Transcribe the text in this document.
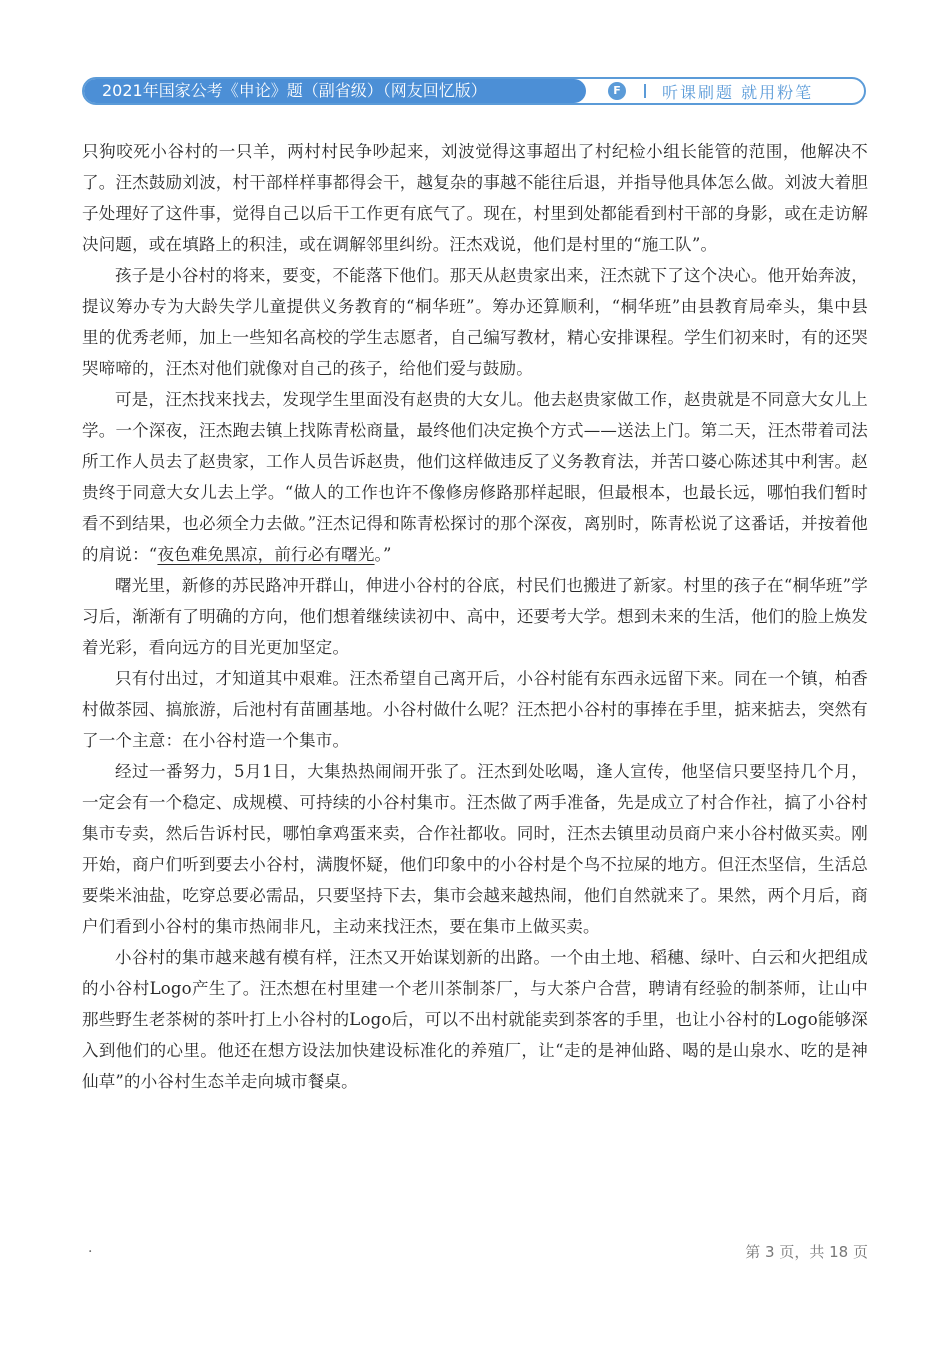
2021年国家公考《申论》题（副省级）（网友回忆版）	F	听课刷题 就用粉笔

只狗咬死小谷村的一只羊，两村村民争吵起来，刘波觉得这事超出了村纪检小组长能管的范围，他解决不了。汪杰鼓励刘波，村干部样样事都得会干，越复杂的事越不能往后退，并指导他具体怎么做。刘波大着胆子处理好了这件事，觉得自己以后干工作更有底气了。现在，村里到处都能看到村干部的身影，或在走访解决问题，或在填路上的积洼，或在调解邻里纠纷。汪杰戏说，他们是村里的“施工队”。

孩子是小谷村的将来，要变，不能落下他们。那天从赵贵家出来，汪杰就下了这个决心。他开始奔波，提议筹办专为大龄失学儿童提供义务教育的“桐华班”。筹办还算顺利，“桐华班”由县教育局牵头，集中县里的优秀老师，加上一些知名高校的学生志愿者，自己编写教材，精心安排课程。学生们初来时，有的还哭哭啼啼的，汪杰对他们就像对自己的孩子，给他们爱与鼓励。

可是，汪杰找来找去，发现学生里面没有赵贵的大女儿。他去赵贵家做工作，赵贵就是不同意大女儿上学。一个深夜，汪杰跑去镇上找陈青松商量，最终他们决定换个方式——送法上门。第二天，汪杰带着司法所工作人员去了赵贵家，工作人员告诉赵贵，他们这样做违反了义务教育法，并苦口婆心陈述其中利害。赵贵终于同意大女儿去上学。“做人的工作也许不像修房修路那样起眼，但最根本，也最长远，哪怕我们暂时看不到结果，也必须全力去做。”汪杰记得和陈青松探讨的那个深夜，离别时，陈青松说了这番话，并按着他的肩说：“夜色难免黑凉，前行必有曙光。”

曙光里，新修的苏民路冲开群山，伸进小谷村的谷底，村民们也搬进了新家。村里的孩子在“桐华班”学习后，渐渐有了明确的方向，他们想着继续读初中、高中，还要考大学。想到未来的生活，他们的脸上焕发着光彩，看向远方的目光更加坚定。

只有付出过，才知道其中艰难。汪杰希望自己离开后，小谷村能有东西永远留下来。同在一个镇，柏香村做茶园、搞旅游，后池村有苗圃基地。小谷村做什么呢？汪杰把小谷村的事捧在手里，掂来掂去，突然有了一个主意：在小谷村造一个集市。

经过一番努力，5月1日，大集热热闹闹开张了。汪杰到处吆喝，逢人宣传，他坚信只要坚持几个月，一定会有一个稳定、成规模、可持续的小谷村集市。汪杰做了两手准备，先是成立了村合作社，搞了小谷村集市专卖，然后告诉村民，哪怕拿鸡蛋来卖，合作社都收。同时，汪杰去镇里动员商户来小谷村做买卖。刚开始，商户们听到要去小谷村，满腹怀疑，他们印象中的小谷村是个鸟不拉屎的地方。但汪杰坚信，生活总要柴米油盐，吃穿总要必需品，只要坚持下去，集市会越来越热闹，他们自然就来了。果然，两个月后，商户们看到小谷村的集市热闹非凡，主动来找汪杰，要在集市上做买卖。

小谷村的集市越来越有模有样，汪杰又开始谋划新的出路。一个由土地、稻穗、绿叶、白云和火把组成的小谷村Logo产生了。汪杰想在村里建一个老川茶制茶厂，与大茶户合营，聘请有经验的制茶师，让山中那些野生老茶树的茶叶打上小谷村的Logo后，可以不出村就能卖到茶客的手里，也让小谷村的Logo能够深入到他们的心里。他还在想方设法加快建设标准化的养殖厂，让“走的是神仙路、喝的是山泉水、吃的是神仙草”的小谷村生态羊走向城市餐桌。

·	第 3 页，共 18 页
